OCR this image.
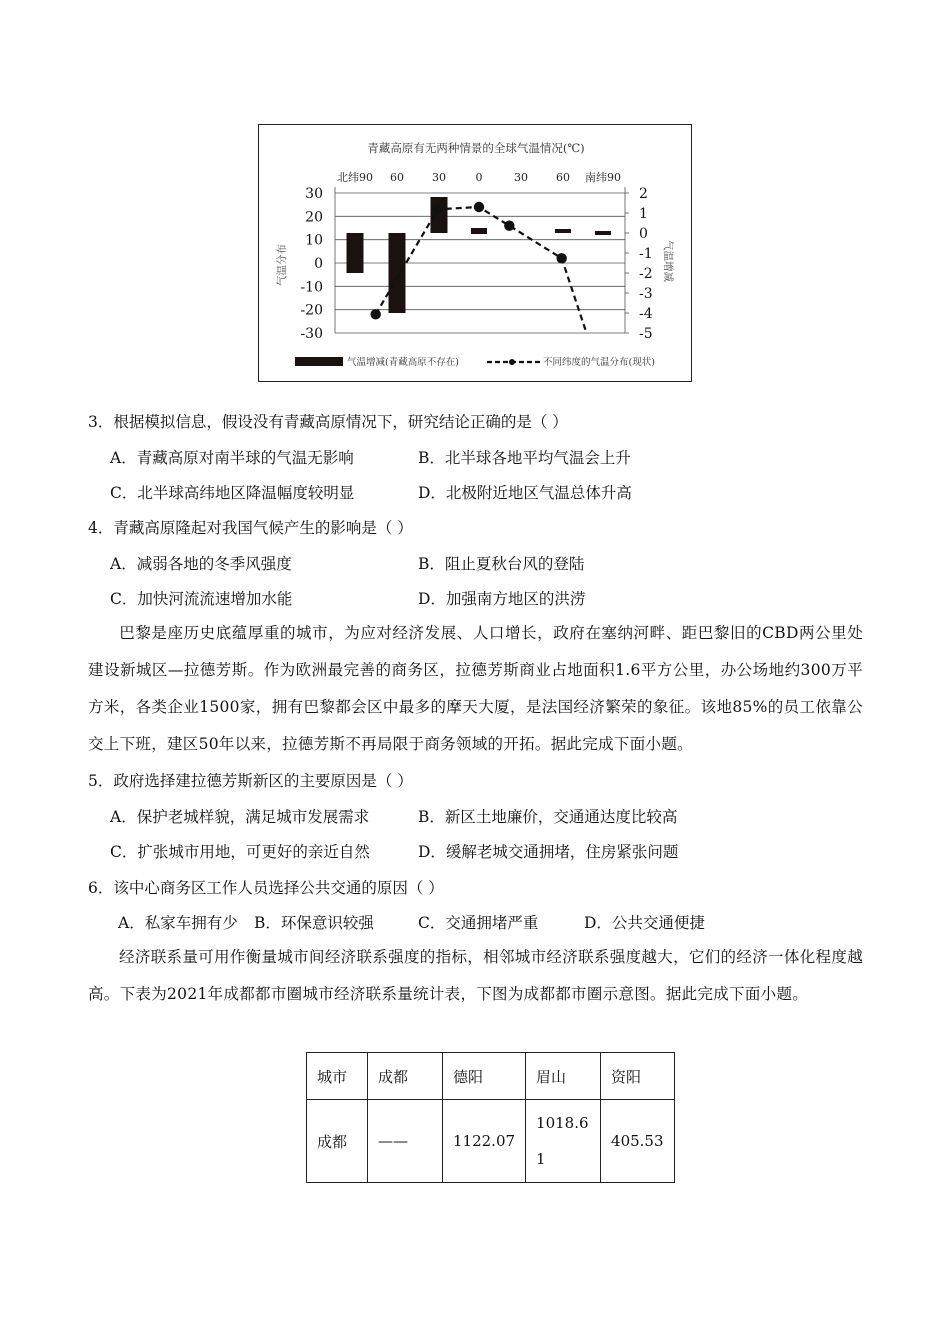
青藏高原有无两种情景的全球气温情况(℃)
北纬90 60	30	0	30	60 南纬90
30
20
10
0
-10
-20
-30
2
1
0
-1
-2
-3
-4
-5
气温分布	气温增减
气温增减(青藏高原不存在)	不同纬度的气温分布(现状)
3．根据模拟信息，假设没有青藏高原情况下，研究结论正确的是（ ）
A．青藏高原对南半球的气温无影响	B．北半球各地平均气温会上升
C．北半球高纬地区降温幅度较明显	D．北极附近地区气温总体升高
4．青藏高原隆起对我国气候产生的影响是（ ）
A．减弱各地的冬季风强度	B．阻止夏秋台风的登陆
C．加快河流流速增加水能	D．加强南方地区的洪涝
巴黎是座历史底蕴厚重的城市，为应对经济发展、人口增长，政府在塞纳河畔、距巴黎旧的CBD两公里处建设新城区—拉德芳斯。作为欧洲最完善的商务区，拉德芳斯商业占地面积1.6平方公里，办公场地约300万平方米，各类企业1500家，拥有巴黎都会区中最多的摩天大厦，是法国经济繁荣的象征。该地85%的员工依靠公交上下班，建区50年以来，拉德芳斯不再局限于商务领域的开拓。据此完成下面小题。
5．政府选择建拉德芳斯新区的主要原因是（ ）
A．保护老城样貌，满足城市发展需求	B．新区土地廉价，交通通达度比较高
C．扩张城市用地，可更好的亲近自然	D．缓解老城交通拥堵，住房紧张问题
6．该中心商务区工作人员选择公共交通的原因（ ）
A．私家车拥有少 B．环保意识较强	C．交通拥堵严重	D．公共交通便捷
经济联系量可用作衡量城市间经济联系强度的指标，相邻城市经济联系强度越大，它们的经济一体化程度越高。下表为2021年成都都市圈城市经济联系量统计表，下图为成都都市圈示意图。据此完成下面小题。
城市	成都	德阳	眉山	资阳
成都	——	1122.07	1018.61	405.53
